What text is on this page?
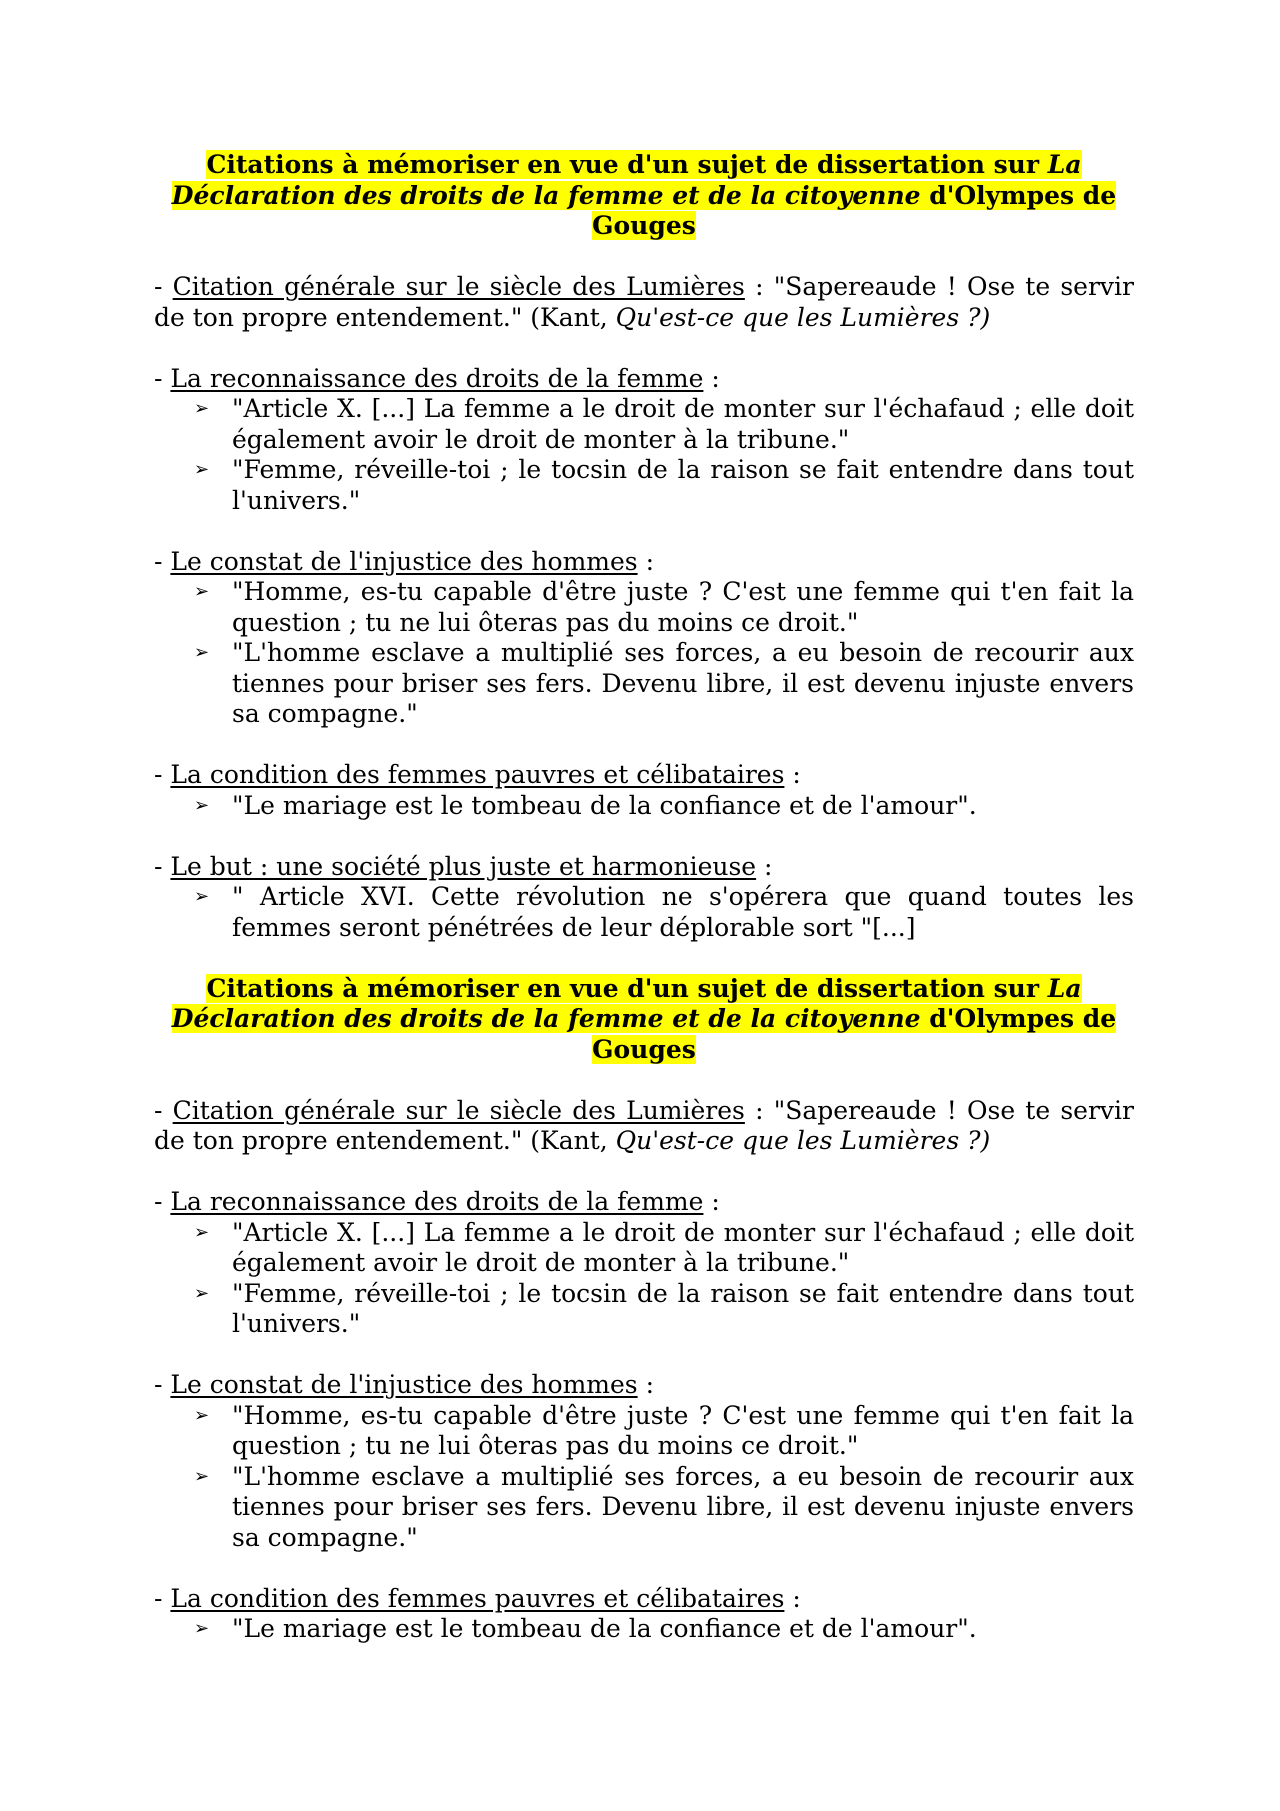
Citations à mémoriser en vue d'un sujet de dissertation sur La Déclaration des droits de la femme et de la citoyenne d'Olympes de Gouges

- Citation générale sur le siècle des Lumières : "Sapereaude ! Ose te servir de ton propre entendement." (Kant, Qu'est-ce que les Lumières ?)

- La reconnaissance des droits de la femme :

➢ "Article X. [...] La femme a le droit de monter sur l'échafaud ; elle doit également avoir le droit de monter à la tribune."
➢ "Femme, réveille-toi ; le tocsin de la raison se fait entendre dans tout l'univers."

- Le constat de l'injustice des hommes :

➢ "Homme, es-tu capable d'être juste ? C'est une femme qui t'en fait la question ; tu ne lui ôteras pas du moins ce droit."
➢ "L'homme esclave a multiplié ses forces, a eu besoin de recourir aux tiennes pour briser ses fers. Devenu libre, il est devenu injuste envers sa compagne."

- La condition des femmes pauvres et célibataires :

➢ "Le mariage est le tombeau de la confiance et de l'amour".

- Le but : une société plus juste et harmonieuse :

➢ " Article XVI. Cette révolution ne s'opérera que quand toutes les femmes seront pénétrées de leur déplorable sort "[...]

Citations à mémoriser en vue d'un sujet de dissertation sur La Déclaration des droits de la femme et de la citoyenne d'Olympes de Gouges

- Citation générale sur le siècle des Lumières : "Sapereaude ! Ose te servir de ton propre entendement." (Kant, Qu'est-ce que les Lumières ?)

- La reconnaissance des droits de la femme :

➢ "Article X. [...] La femme a le droit de monter sur l'échafaud ; elle doit également avoir le droit de monter à la tribune."
➢ "Femme, réveille-toi ; le tocsin de la raison se fait entendre dans tout l'univers."

- Le constat de l'injustice des hommes :

➢ "Homme, es-tu capable d'être juste ? C'est une femme qui t'en fait la question ; tu ne lui ôteras pas du moins ce droit."
➢ "L'homme esclave a multiplié ses forces, a eu besoin de recourir aux tiennes pour briser ses fers. Devenu libre, il est devenu injuste envers sa compagne."

- La condition des femmes pauvres et célibataires :

➢ "Le mariage est le tombeau de la confiance et de l'amour".
